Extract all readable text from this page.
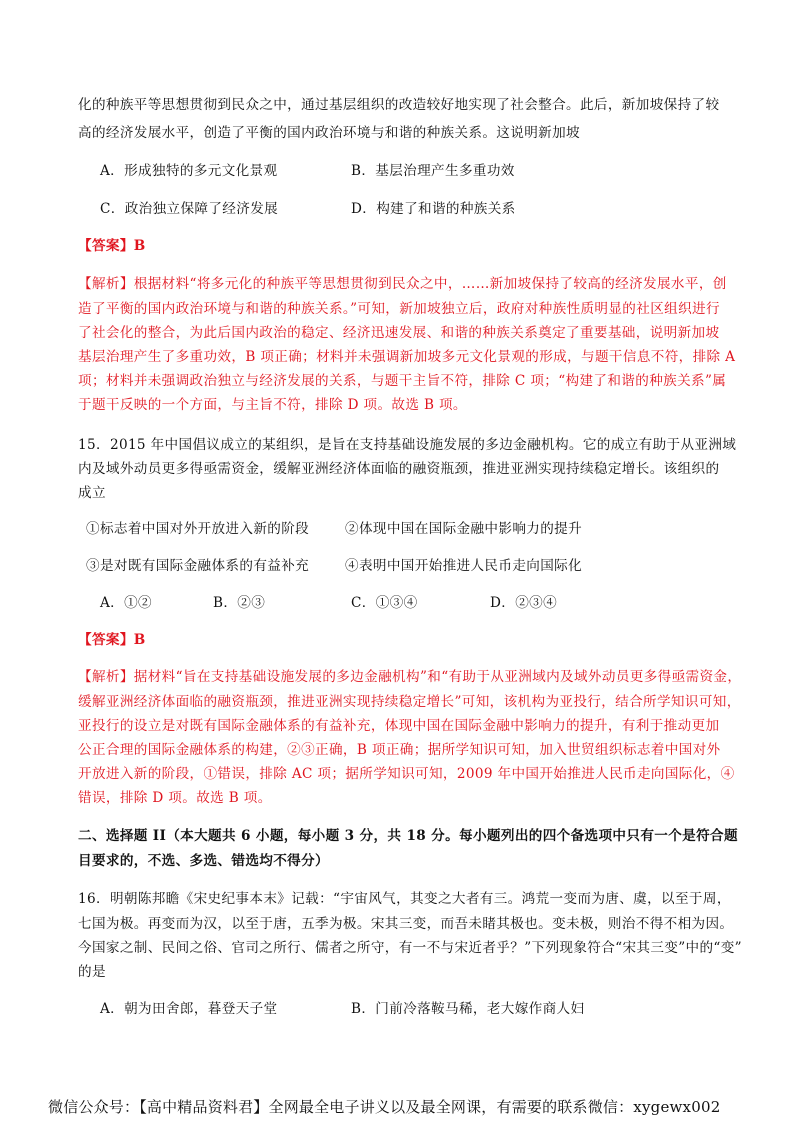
化的种族平等思想贯彻到民众之中，通过基层组织的改造较好地实现了社会整合。此后，新加坡保持了较
高的经济发展水平，创造了平衡的国内政治环境与和谐的种族关系。这说明新加坡
A．形成独特的多元文化景观	B．基层治理产生多重功效
C．政治独立保障了经济发展	D．构建了和谐的种族关系
【答案】B
【解析】根据材料“将多元化的种族平等思想贯彻到民众之中，……新加坡保持了较高的经济发展水平，创
造了平衡的国内政治环境与和谐的种族关系。”可知，新加坡独立后，政府对种族性质明显的社区组织进行
了社会化的整合，为此后国内政治的稳定、经济迅速发展、和谐的种族关系奠定了重要基础，说明新加坡
基层治理产生了多重功效，B 项正确；材料并未强调新加坡多元文化景观的形成，与题干信息不符，排除 A
项；材料并未强调政治独立与经济发展的关系，与题干主旨不符，排除 C 项；“构建了和谐的种族关系”属
于题干反映的一个方面，与主旨不符，排除 D 项。故选 B 项。
15．2015 年中国倡议成立的某组织，是旨在支持基础设施发展的多边金融机构。它的成立有助于从亚洲域
内及域外动员更多得亟需资金，缓解亚洲经济体面临的融资瓶颈，推进亚洲实现持续稳定增长。该组织的
成立
①标志着中国对外开放进入新的阶段	②体现中国在国际金融中影响力的提升
③是对既有国际金融体系的有益补充	④表明中国开始推进人民币走向国际化
A．①②	B．②③	C．①③④	D．②③④
【答案】B
【解析】据材料“旨在支持基础设施发展的多边金融机构”和“有助于从亚洲域内及域外动员更多得亟需资金，
缓解亚洲经济体面临的融资瓶颈，推进亚洲实现持续稳定增长”可知，该机构为亚投行，结合所学知识可知，
亚投行的设立是对既有国际金融体系的有益补充，体现中国在国际金融中影响力的提升，有利于推动更加
公正合理的国际金融体系的构建，②③正确，B 项正确；据所学知识可知，加入世贸组织标志着中国对外
开放进入新的阶段，①错误，排除 AC 项；据所学知识可知，2009 年中国开始推进人民币走向国际化，④
错误，排除 D 项。故选 B 项。
二、选择题 II（本大题共 6 小题，每小题 3 分，共 18 分。每小题列出的四个备选项中只有一个是符合题
目要求的，不选、多选、错选均不得分）
16．明朝陈邦瞻《宋史纪事本末》记载：“宇宙风气，其变之大者有三。鸿荒一变而为唐、虞，以至于周，
七国为极。再变而为汉，以至于唐，五季为极。宋其三变，而吾未睹其极也。变未极，则治不得不相为因。
今国家之制、民间之俗、官司之所行、儒者之所守，有一不与宋近者乎？”下列现象符合“宋其三变”中的“变”
的是
A．朝为田舍郎，暮登天子堂	B．门前冷落鞍马稀，老大嫁作商人妇
微信公众号：【高中精品资料君】全网最全电子讲义以及最全网课，有需要的联系微信：xygewx002
